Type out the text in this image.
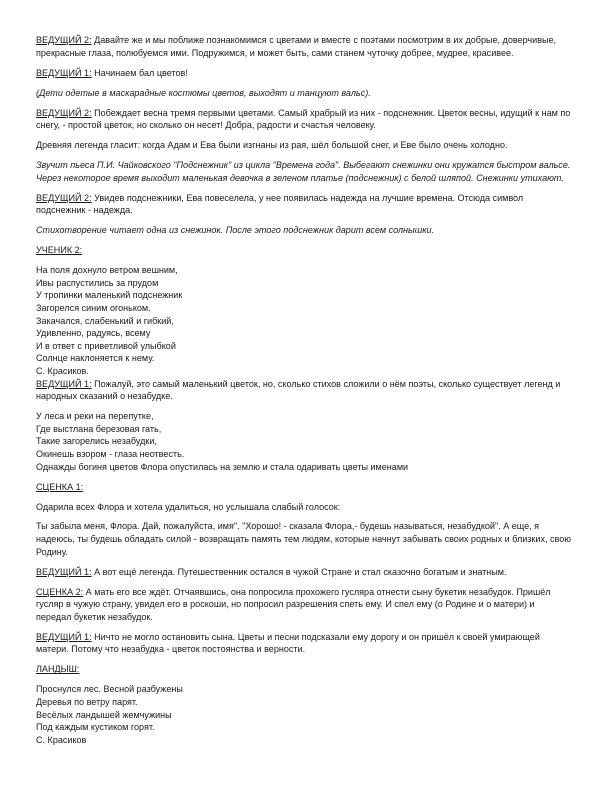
ВЕДУЩИЙ 2: Давайте же и мы поближе познакомимся с цветами и вместе с поэтами посмотрим в их добрые, доверчивые, прекрасные глаза, полюбуемся ими. Подружимся, и может быть, сами станем чуточку добрее, мудрее, красивее.

ВЕДУЩИЙ 1: Начинаем бал цветов!

(Дети одетые в маскарадные костюмы цветов, выходят и танцуют вальс).

ВЕДУЩИЙ 2: Побеждает весна тремя первыми цветами. Самый храбрый из них - подснежник. Цветок весны, идущий к нам по снегу, - простой цветок, но сколько он несет! Добра, радости и счастья человеку.

Древняя легенда гласит: когда Адам и Ева были изгнаны из рая, шёл большой снег, и Еве было очень холодно.

Звучит пьеса П.И. Чайковского "Подснежник" из цикла "Времена года". Выбегают снежинки они кружатся быстром вальсе. Через некоторое время выходит маленькая девочка в зеленом платье (подснежник) с белой шляпой. Снежинки утихают.

ВЕДУЩИЙ 2: Увидев подснежники, Ева повеселела, у нее появилась надежда на лучшие времена. Отсюда символ подснежник - надежда.

Стихотворение читает одна из снежинок. После этого подснежник дарит всем солнышки.

УЧЕНИК 2:

На поля дохнуло ветром вешним,
Ивы распустились за прудом
У тропинки маленький подснежник
Загорелся синим огоньком.
Закачался, слабенький и гибкий,
Удивленно, радуясь, всему
И в ответ с приветливой улыбкой
Солнце наклоняется к нему.
С. Красиков.

ВЕДУЩИЙ 1: Пожалуй, это самый маленький цветок, но, сколько стихов сложили о нём поэты, сколько существует легенд и народных сказаний о незабудке.

У леса и реки на перепутке,
Где выстлана березовая гать,
Такие загорелись незабудки,
Окинешь взором - глаза неотвесть.
Однажды богиня цветов Флора опустилась на землю и стала одаривать цветы именами

СЦЕНКА 1:

Одарила всех Флора и хотела удалиться, но услышала слабый голосок:

Ты забыла меня, Флора. Дай, пожалуйста, имя". "Хорошо! - сказала Флора,- будешь называться, незабудкой". А еще, я надеюсь, ты будешь обладать силой - возвращать память тем людям, которые начнут забывать своих родных и близких, свою Родину.

ВЕДУЩИЙ 1: А вот ещё легенда. Путешественник остался в чужой Стране и стал сказочно богатым и знатным.

СЦЕНКА 2: А мать его все ждёт. Отчаявшись, она попросила прохожего гусляра отнести сыну букетик незабудок. Пришёл гусляр в чужую страну, увидел его в роскоши, но попросил разрешения спеть ему. И спел ему (о Родине и о матери) и передал букетик незабудок.

ВЕДУЩИЙ 1: Ничто не могло остановить сына. Цветы и песни подсказали ему дорогу и он пришёл к своей умирающей матери. Потому что незабудка - цветок постоянства и верности.

ЛАНДЫШ:

Проснулся лес. Весной разбужены
Деревья по ветру парят.
Весёлых ландышей жемчужины
Под каждым кустиком горят.
С. Красиков
